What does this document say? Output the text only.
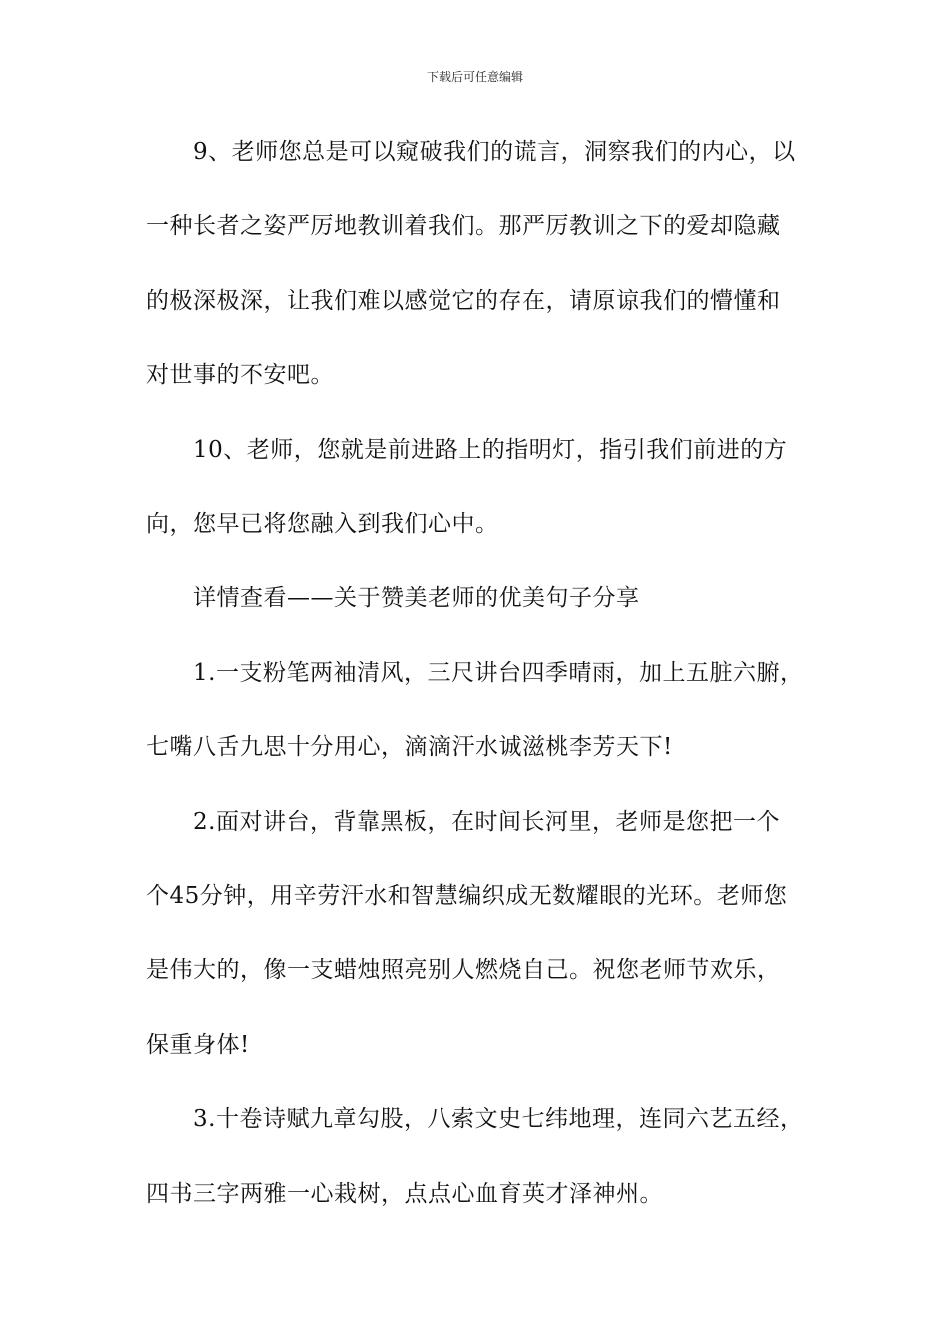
下载后可任意编辑
9、老师您总是可以窥破我们的谎言，洞察我们的内心，以
一种长者之姿严厉地教训着我们。那严厉教训之下的爱却隐藏
的极深极深，让我们难以感觉它的存在，请原谅我们的懵懂和
对世事的不安吧。
10、老师，您就是前进路上的指明灯，指引我们前进的方
向，您早已将您融入到我们心中。
详情查看——关于赞美老师的优美句子分享
1.一支粉笔两袖清风，三尺讲台四季晴雨，加上五脏六腑，
七嘴八舌九思十分用心，滴滴汗水诚滋桃李芳天下!
2.面对讲台，背靠黑板，在时间长河里，老师是您把一个
个45分钟，用辛劳汗水和智慧编织成无数耀眼的光环。老师您
是伟大的，像一支蜡烛照亮别人燃烧自己。祝您老师节欢乐，
保重身体!
3.十卷诗赋九章勾股，八索文史七纬地理，连同六艺五经，
四书三字两雅一心栽树，点点心血育英才泽神州。
